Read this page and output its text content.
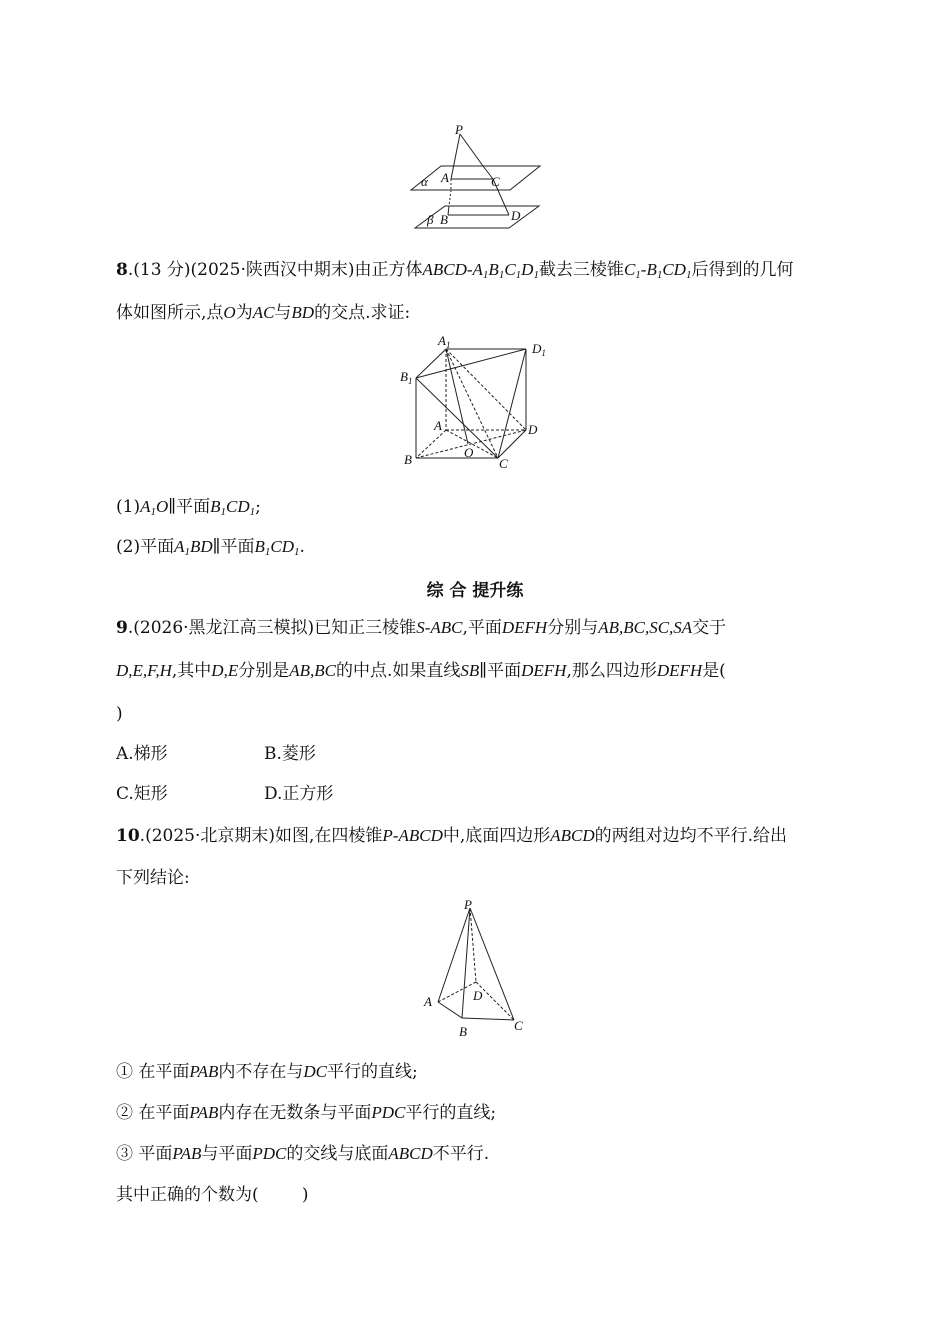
P
α A	C
β B	D
8.(13 分)(2025·陕西汉中期末)由正方体ABCD-$A_1B_1C_1D_1$截去三棱锥$C_1-B_1CD_1$后得到的几何
体如图所示,点O为AC与BD的交点.求证:
$A_1$	$D_1$
$B_1$
A	D
B	O
C
$(1)A_1O\parallel$平面$B_1CD_1$;
(2)平面$A_1BD\parallel$平面$B_1CD_1$.
综 合 提升练
9.(2026·黑龙江高三模拟)已知正三棱锥S-ABC,平面DEFH分别与AB,BC,SC,SA交于
D,E,F,H,其中D,E分别是AB,BC的中点.如果直线SB∥平面DEFH,那么四边形DEFH是(
)
A.梯形	B.菱形
C.矩形	D.正方形
10.(2025·北京期末)如图,在四棱锥P-ABCD中,底面四边形ABCD的两组对边均不平行.给出
下列结论:
P
A	D
B	C
① 在平面PAB内不存在与DC平行的直线;
② 在平面PAB内存在无数条与平面PDC平行的直线;
③ 平面PAB与平面PDC的交线与底面ABCD不平行.
其中正确的个数为(        )
